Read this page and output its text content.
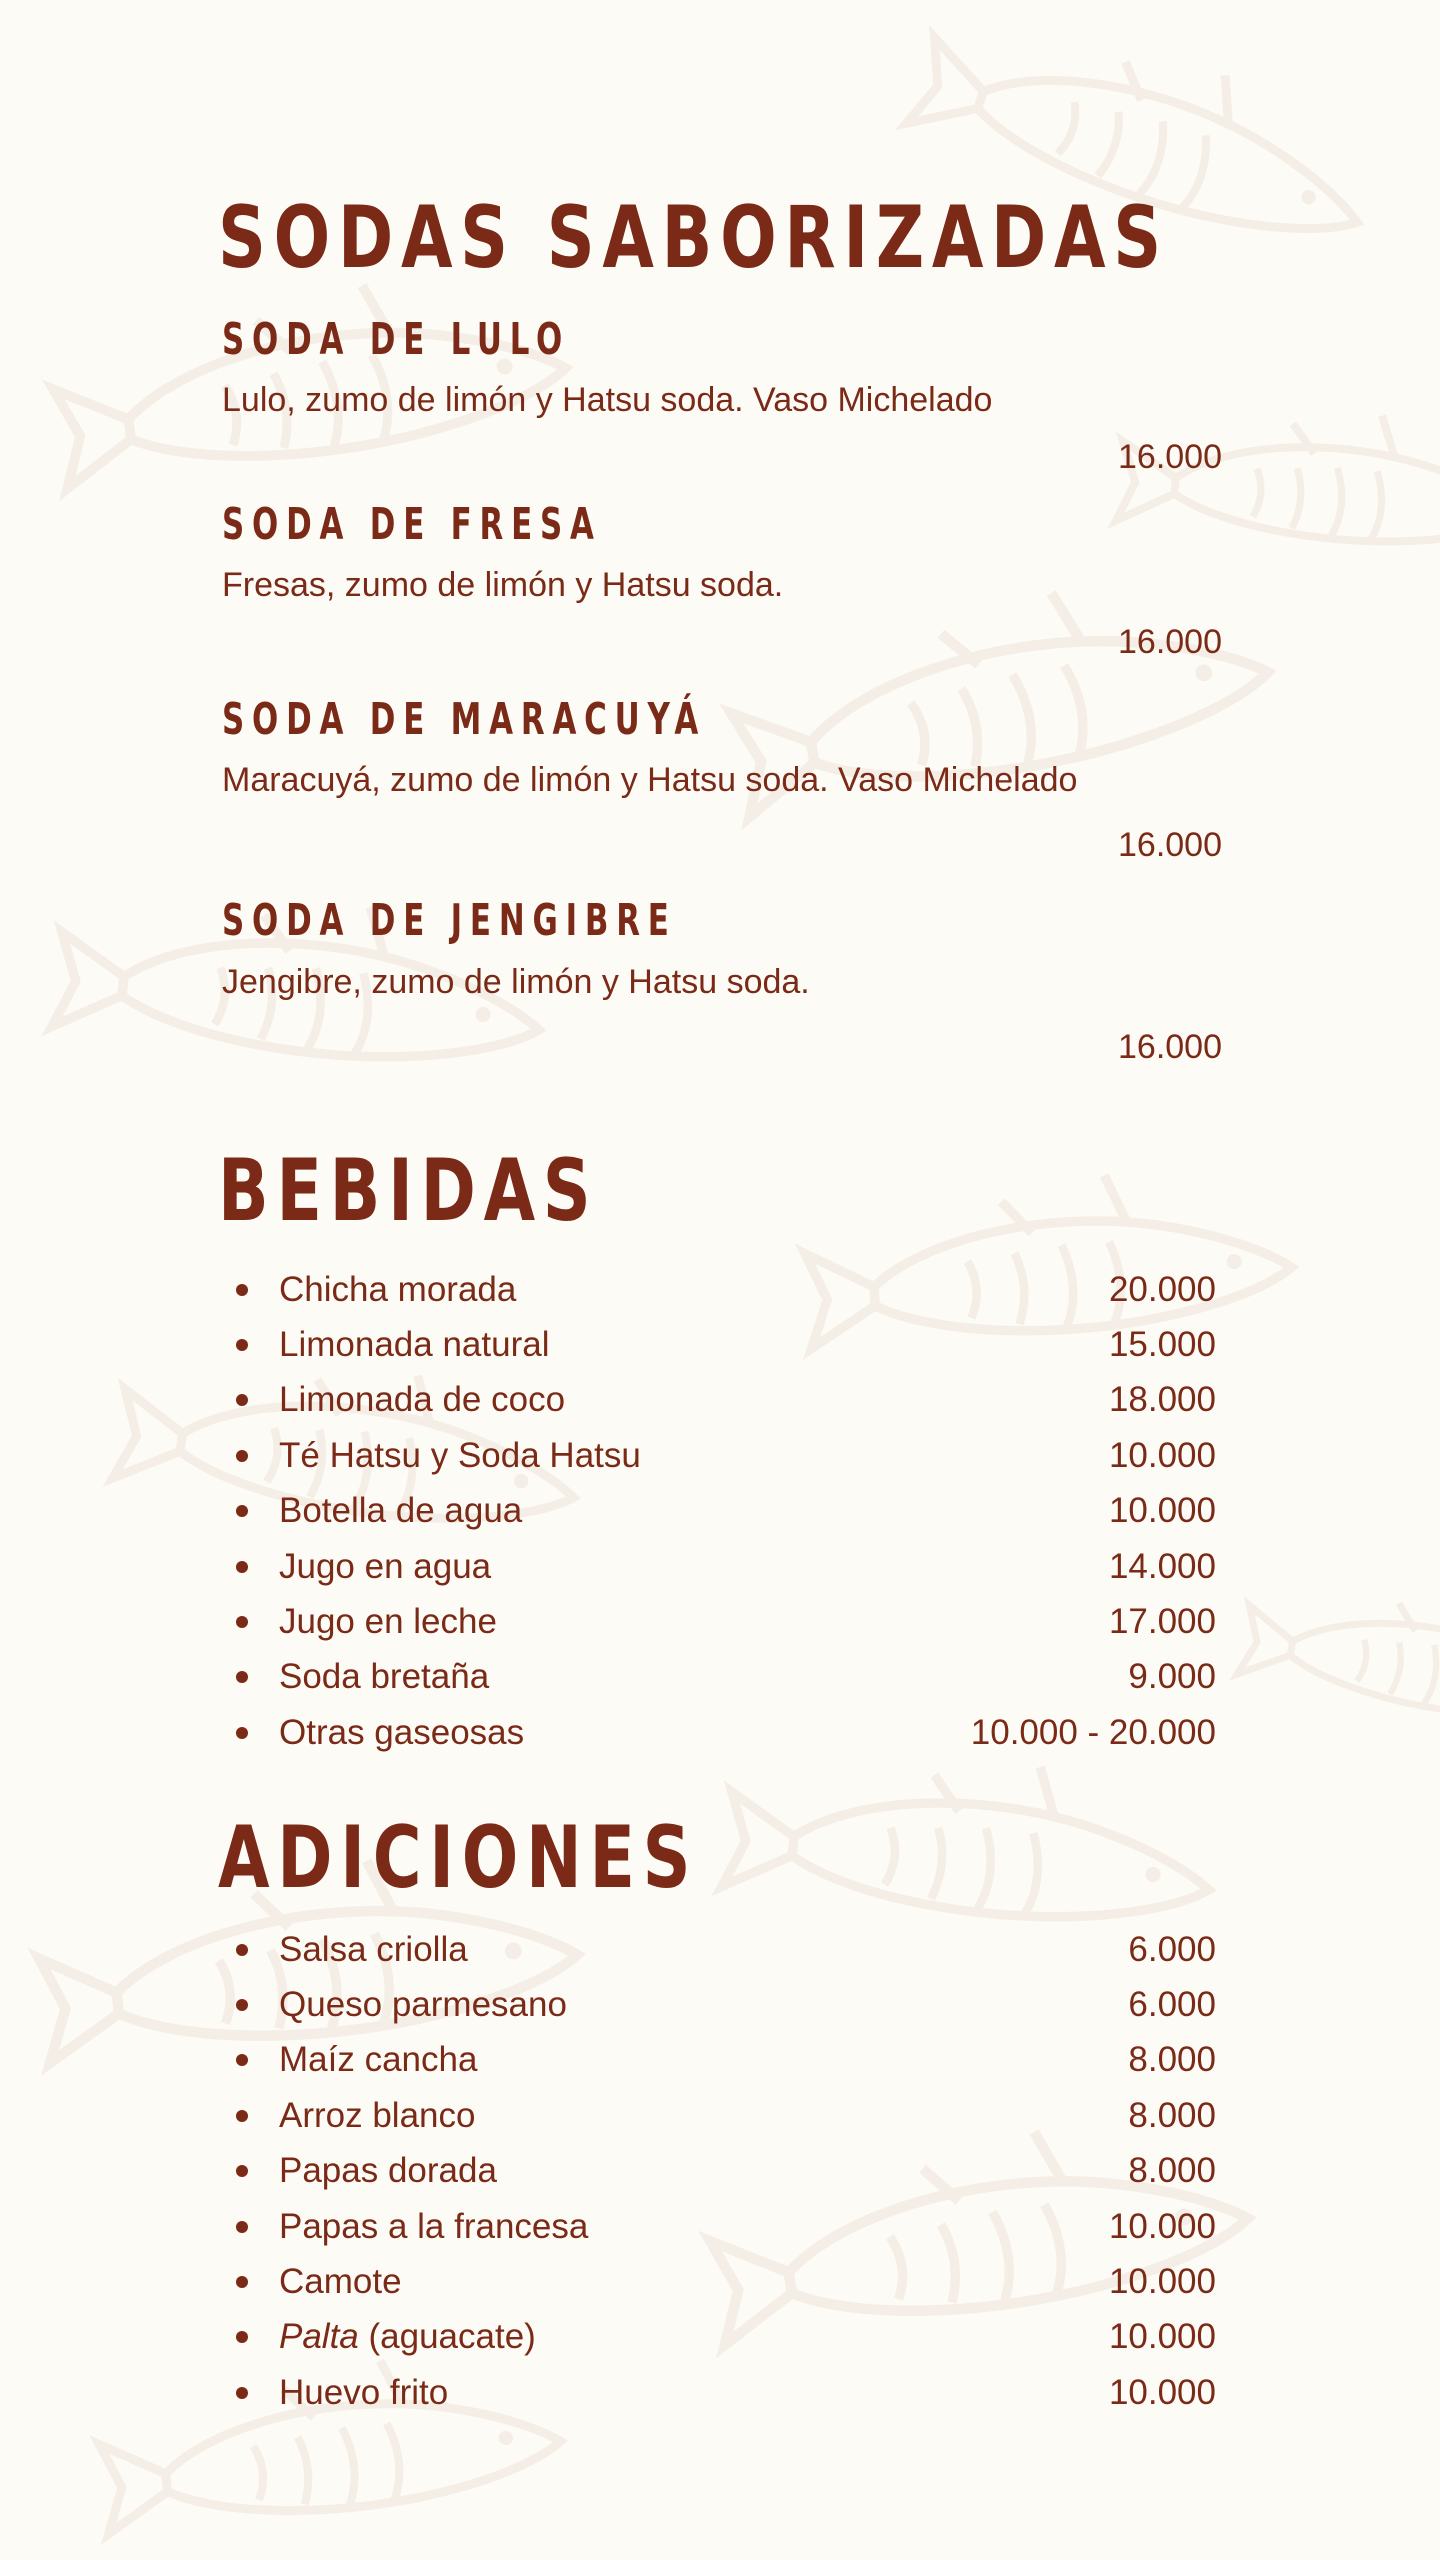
SODAS SABORIZADAS
SODA DE LULO

Lulo, zumo de limón y Hatsu soda. Vaso Michelado

16.000

SODA DE FRESA

Fresas, zumo de limón y Hatsu soda.

16.000

SODA DE MARACUYÁ

Maracuyá, zumo de limón y Hatsu soda. Vaso Michelado

16.000

SODA DE JENGIBRE

Jengibre, zumo de limón y Hatsu soda.

16.000

BEBIDAS
Chicha morada	20.000
Limonada natural	15.000
Limonada de coco	18.000
Té Hatsu y Soda Hatsu	10.000
Botella de agua	10.000
Jugo en agua	14.000
Jugo en leche	17.000
Soda bretaña	9.000
Otras gaseosas	10.000 - 20.000
ADICIONES
Salsa criolla	6.000
Queso parmesano	6.000
Maíz cancha	8.000
Arroz blanco	8.000
Papas dorada	8.000
Papas a la francesa	10.000
Camote	10.000
Palta (aguacate)	10.000
Huevo frito	10.000
